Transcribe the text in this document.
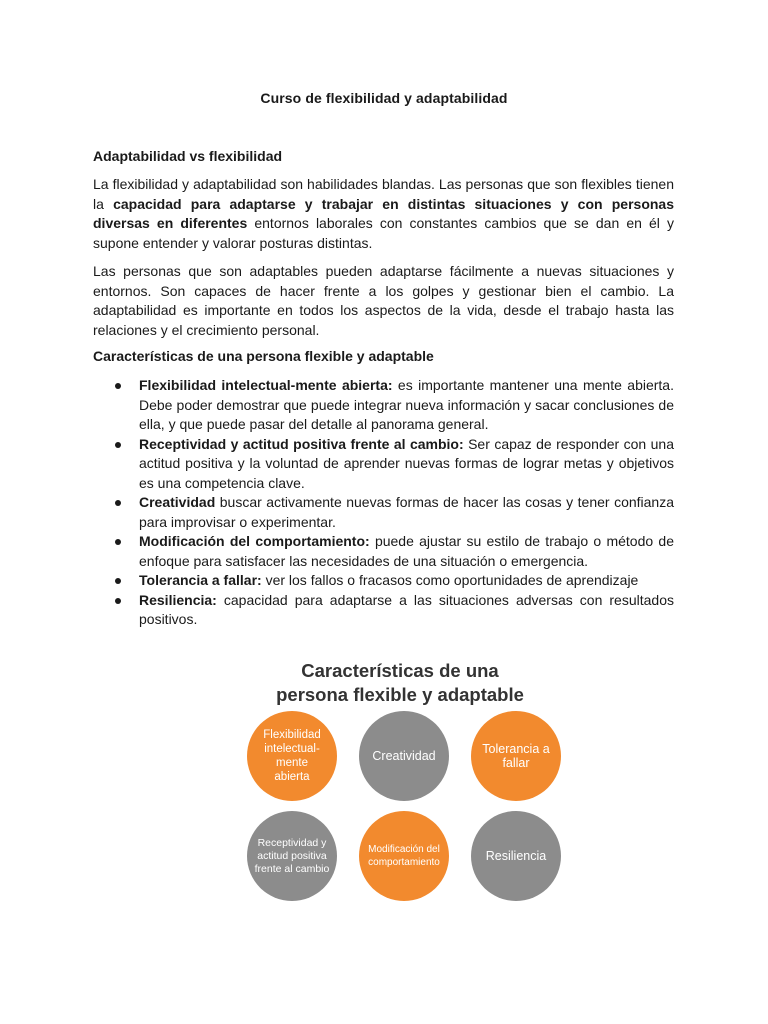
Curso de flexibilidad y adaptabilidad
Adaptabilidad vs flexibilidad

La flexibilidad y adaptabilidad son habilidades blandas. Las personas que son flexibles tienen la capacidad para adaptarse y trabajar en distintas situaciones y con personas diversas en diferentes entornos laborales con constantes cambios que se dan en él y supone entender y valorar posturas distintas.

Las personas que son adaptables pueden adaptarse fácilmente a nuevas situaciones y entornos. Son capaces de hacer frente a los golpes y gestionar bien el cambio. La adaptabilidad es importante en todos los aspectos de la vida, desde el trabajo hasta las relaciones y el crecimiento personal.

Características de una persona flexible y adaptable
Flexibilidad intelectual-mente abierta: es importante mantener una mente abierta. Debe poder demostrar que puede integrar nueva información y sacar conclusiones de ella, y que puede pasar del detalle al panorama general.
Receptividad y actitud positiva frente al cambio: Ser capaz de responder con una actitud positiva y la voluntad de aprender nuevas formas de lograr metas y objetivos es una competencia clave.
Creatividad buscar activamente nuevas formas de hacer las cosas y tener confianza para improvisar o experimentar.
Modificación del comportamiento: puede ajustar su estilo de trabajo o método de enfoque para satisfacer las necesidades de una situación o emergencia.
Tolerancia a fallar: ver los fallos o fracasos como oportunidades de aprendizaje
Resiliencia: capacidad para adaptarse a las situaciones adversas con resultados positivos.
Características de una
persona flexible y adaptable
Flexibilidad intelectual-mente abierta
Creatividad	Tolerancia a fallar
Receptividad y actitud positiva frente al cambio
Modificación del comportamiento	Resiliencia
